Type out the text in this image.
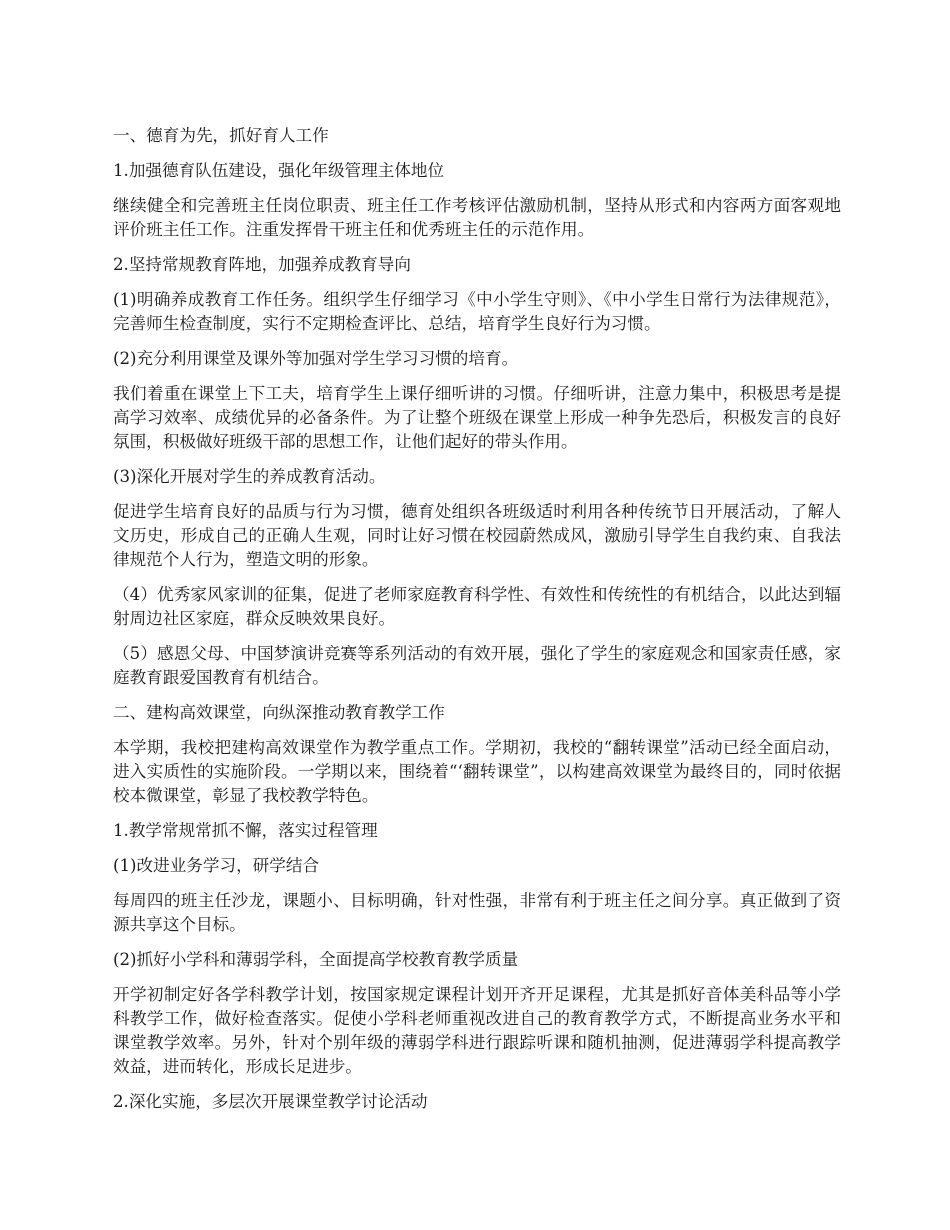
一、德育为先，抓好育人工作

1.加强德育队伍建设，强化年级管理主体地位

继续健全和完善班主任岗位职责、班主任工作考核评估激励机制，坚持从形式和内容两方面客观地评价班主任工作。注重发挥骨干班主任和优秀班主任的示范作用。

2.坚持常规教育阵地，加强养成教育导向

(1)明确养成教育工作任务。组织学生仔细学习《中小学生守则》、《中小学生日常行为法律规范》，完善师生检查制度，实行不定期检查评比、总结，培育学生良好行为习惯。

(2)充分利用课堂及课外等加强对学生学习习惯的培育。

我们着重在课堂上下工夫，培育学生上课仔细听讲的习惯。仔细听讲，注意力集中，积极思考是提高学习效率、成绩优异的必备条件。为了让整个班级在课堂上形成一种争先恐后，积极发言的良好氛围，积极做好班级干部的思想工作，让他们起好的带头作用。

(3)深化开展对学生的养成教育活动。

促进学生培育良好的品质与行为习惯，德育处组织各班级适时利用各种传统节日开展活动，了解人文历史，形成自己的正确人生观，同时让好习惯在校园蔚然成风，激励引导学生自我约束、自我法律规范个人行为，塑造文明的形象。

（4）优秀家风家训的征集，促进了老师家庭教育科学性、有效性和传统性的有机结合，以此达到辐射周边社区家庭，群众反映效果良好。

（5）感恩父母、中国梦演讲竞赛等系列活动的有效开展，强化了学生的家庭观念和国家责任感，家庭教育跟爱国教育有机结合。

二、建构高效课堂，向纵深推动教育教学工作

本学期，我校把建构高效课堂作为教学重点工作。学期初，我校的“翻转课堂”活动已经全面启动，进入实质性的实施阶段。一学期以来，围绕着“‘翻转课堂”，以构建高效课堂为最终目的，同时依据校本微课堂，彰显了我校教学特色。

1.教学常规常抓不懈，落实过程管理

(1)改进业务学习，研学结合

每周四的班主任沙龙，课题小、目标明确，针对性强，非常有利于班主任之间分享。真正做到了资源共享这个目标。

(2)抓好小学科和薄弱学科，全面提高学校教育教学质量

开学初制定好各学科教学计划，按国家规定课程计划开齐开足课程，尤其是抓好音体美科品等小学科教学工作，做好检查落实。促使小学科老师重视改进自己的教育教学方式，不断提高业务水平和课堂教学效率。另外，针对个别年级的薄弱学科进行跟踪听课和随机抽测，促进薄弱学科提高教学效益，进而转化，形成长足进步。

2.深化实施，多层次开展课堂教学讨论活动
